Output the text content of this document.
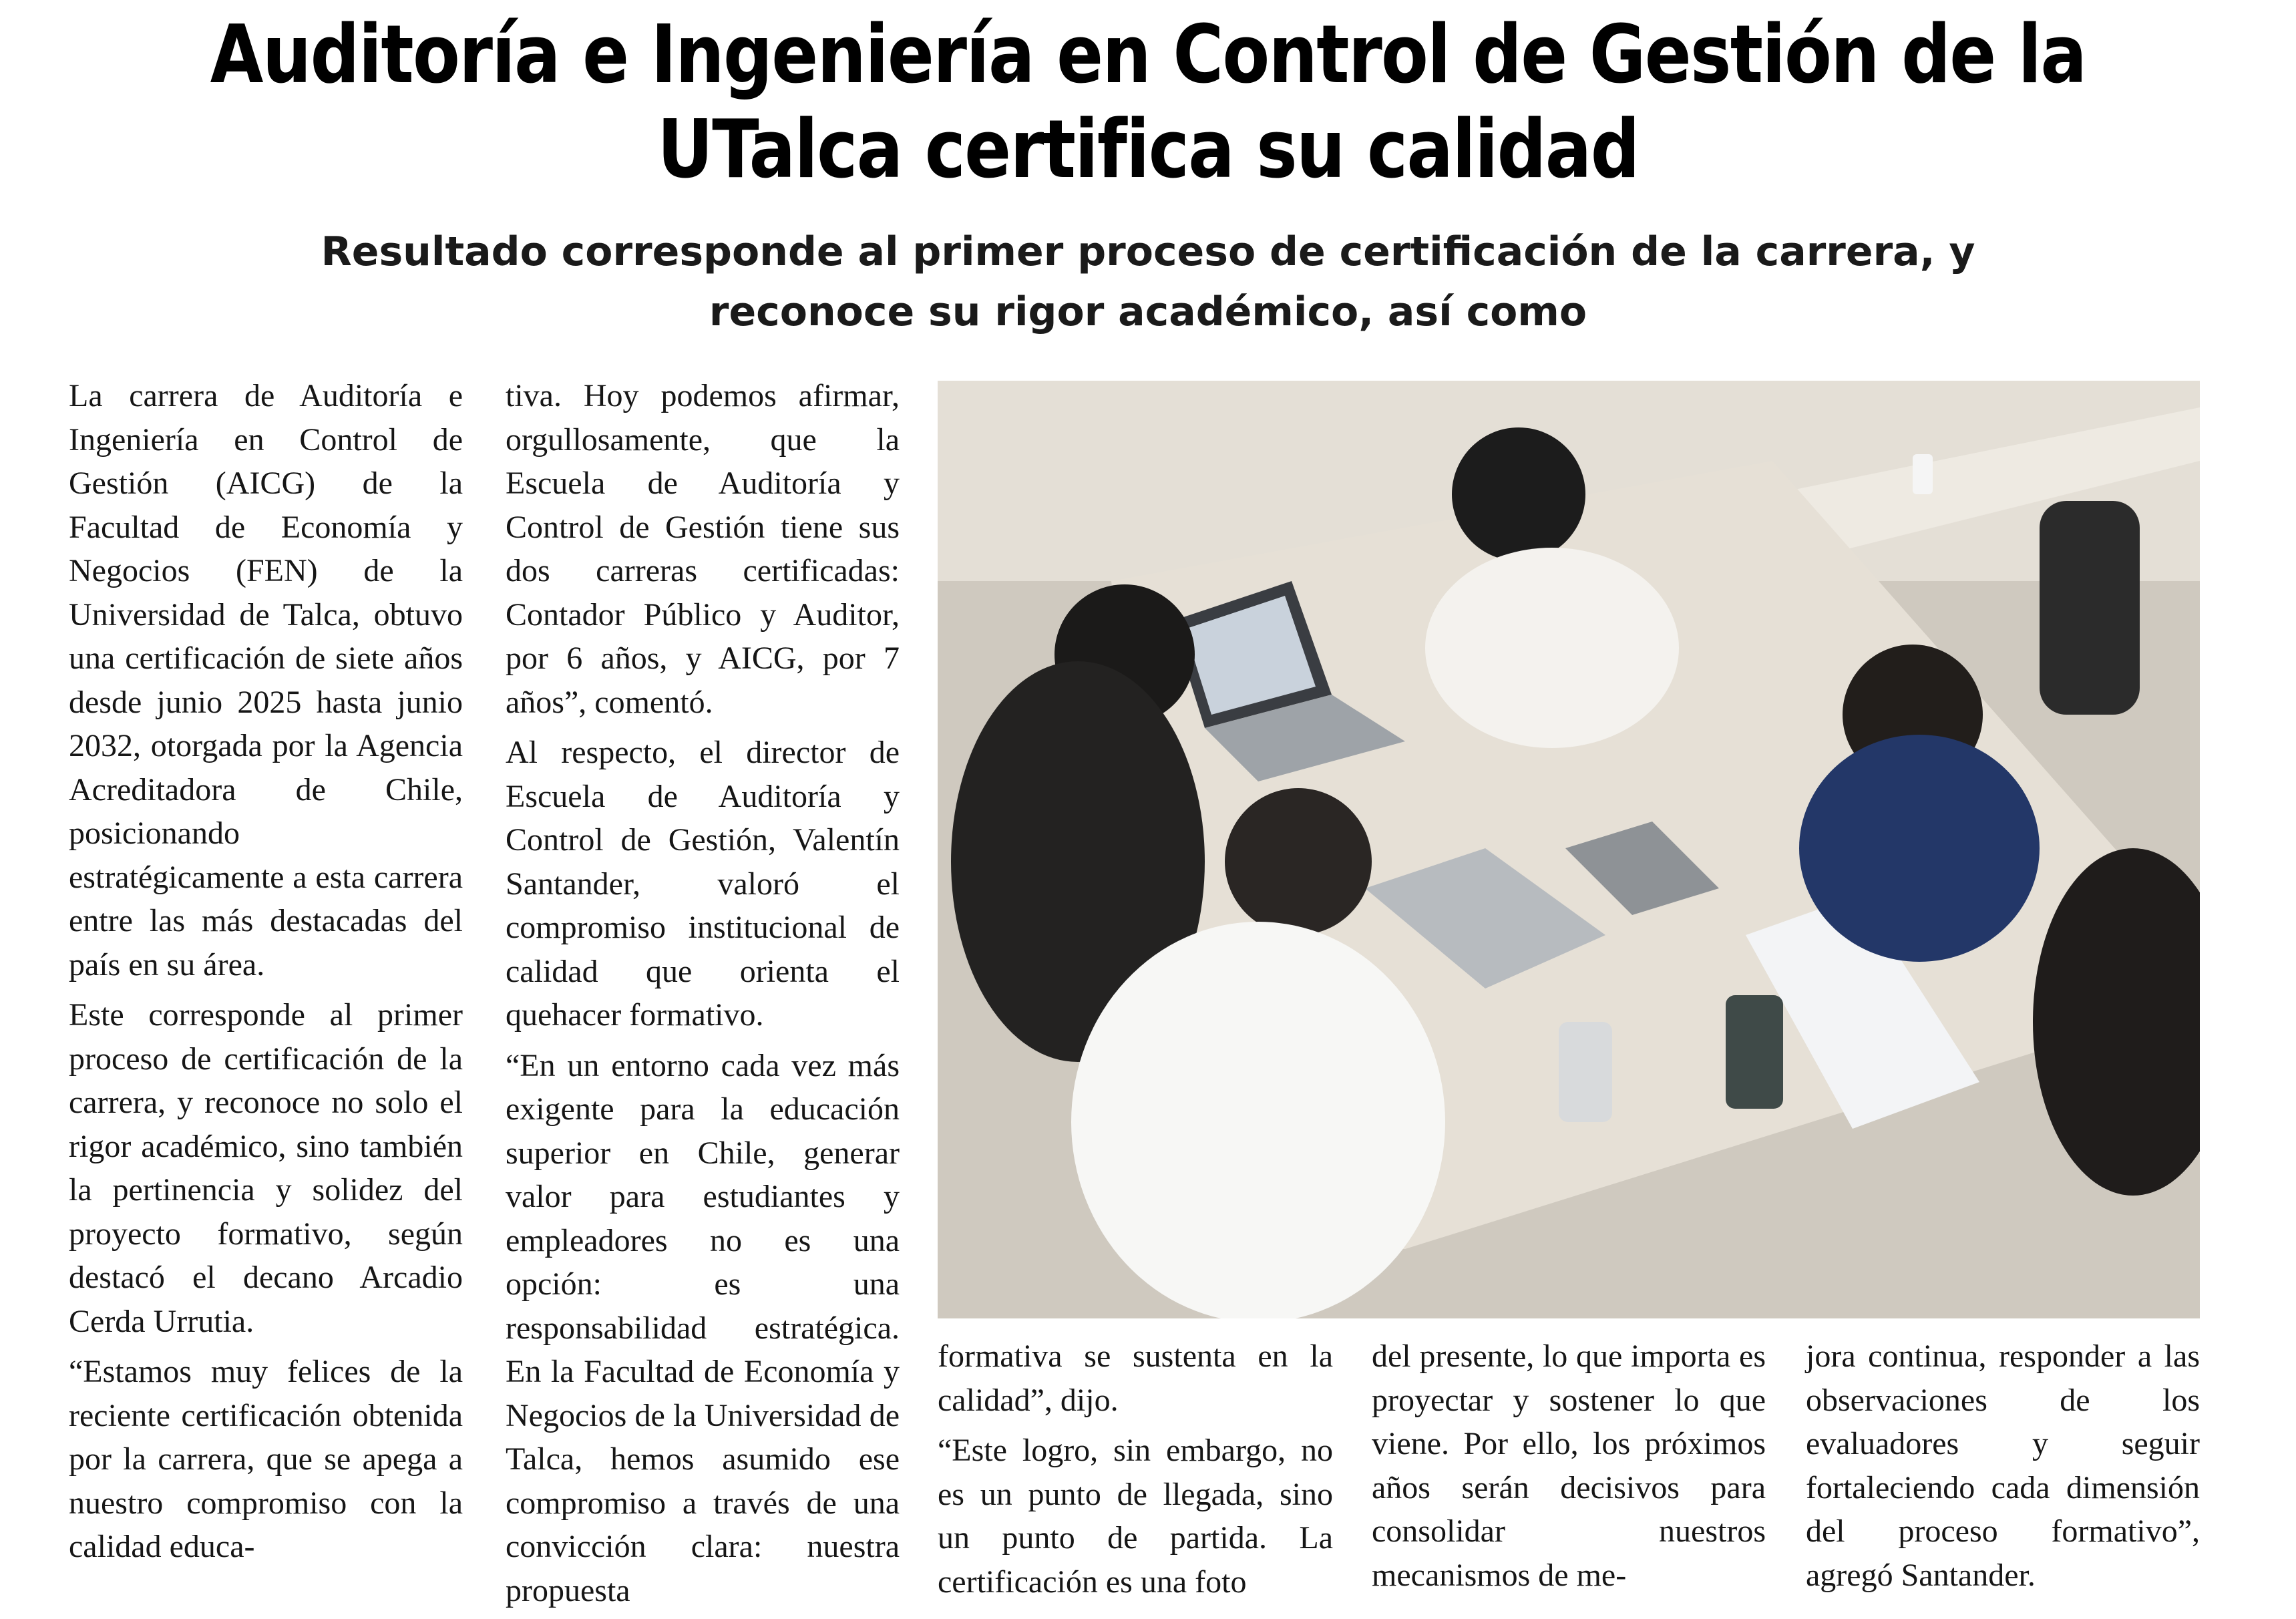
Auditoría e Ingeniería en Control de Gestión de la UTalca certifica su calidad
Resultado corresponde al primer proceso de certificación de la carrera, y reconoce su rigor académico, así como

La carrera de Auditoría e Ingeniería en Control de Gestión (AICG) de la Facultad de Economía y Negocios (FEN) de la Universidad de Talca, obtuvo una certificación de siete años desde junio 2025 hasta junio 2032, otorgada por la Agencia Acreditadora de Chile, posicionando estratégicamente a esta carrera entre las más destacadas del país en su área.

Este corresponde al primer proceso de certificación de la carrera, y reconoce no solo el rigor académico, sino también la pertinencia y solidez del proyecto formativo, según destacó el decano Arcadio Cerda Urrutia.

“Estamos muy felices de la reciente certificación obtenida por la carrera, que se apega a nuestro compromiso con la calidad educa-

tiva. Hoy podemos afirmar, orgullosamente, que la Escuela de Auditoría y Control de Gestión tiene sus dos carreras certificadas: Contador Público y Auditor, por 6 años, y AICG, por 7 años”, comentó.

Al respecto, el director de Escuela de Auditoría y Control de Gestión, Valentín Santander, valoró el compromiso institucional de calidad que orienta el quehacer formativo.

“En un entorno cada vez más exigente para la educación superior en Chile, generar valor para estudiantes y empleadores no es una opción: es una responsabilidad estratégica. En la Facultad de Economía y Negocios de la Universidad de Talca, hemos asumido ese compromiso a través de una convicción clara: nuestra propuesta

formativa se sustenta en la calidad”, dijo.

“Este logro, sin embargo, no es un punto de llegada, sino un punto de partida. La certificación es una foto

del presente, lo que importa es proyectar y sostener lo que viene. Por ello, los próximos años serán decisivos para consolidar nuestros mecanismos de me-

jora continua, responder a las observaciones de los evaluadores y seguir fortaleciendo cada dimensión del proceso formativo”, agregó Santander.
